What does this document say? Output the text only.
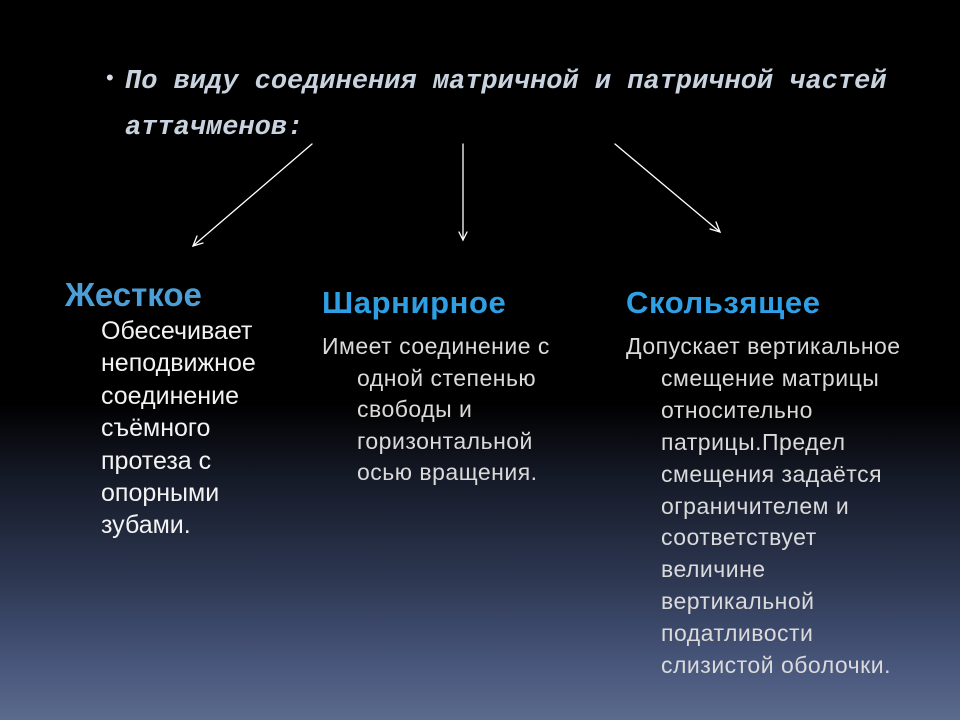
• По виду соединения матричной и патричной частей
аттачменов:
Жесткое	Шарнирное	Скользящее
Обесечивает
неподвижное
соединение
съёмного
протеза с
опорными
зубами.
Имеет соединение с
одной степенью
свободы и
горизонтальной
осью вращения.
Допускает вертикальное
смещение матрицы
относительно
патрицы.Предел
смещения задаётся
ограничителем и
соответствует
величине
вертикальной
податливости
слизистой оболочки.
